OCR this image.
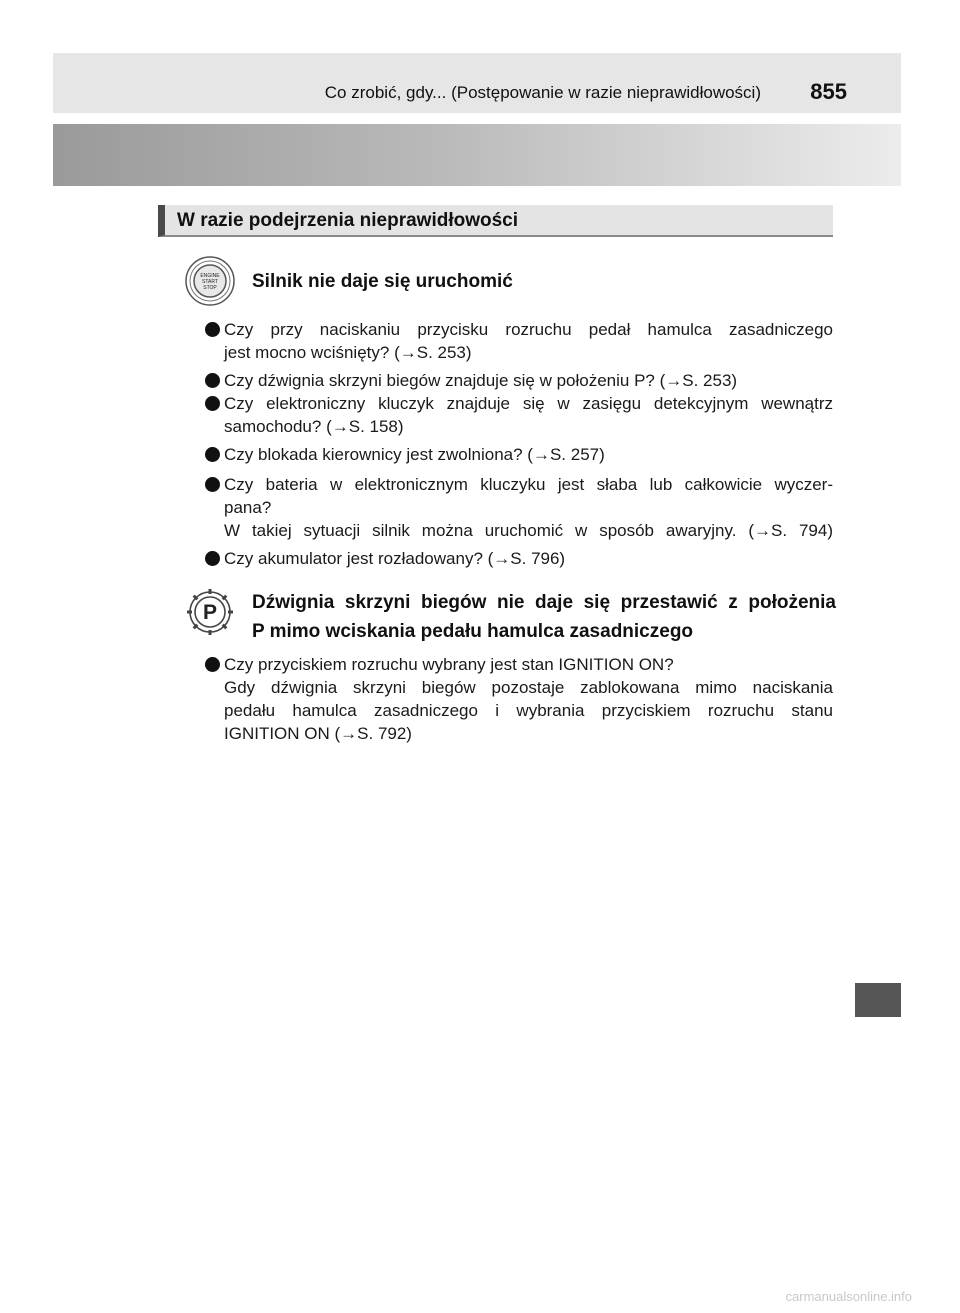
Co zrobić, gdy... (Postępowanie w razie nieprawidłowości) 855
W razie podejrzenia nieprawidłowości
ENGINE
START
STOP Silnik nie daje się uruchomić
Czy przy naciskaniu przycisku rozruchu pedał hamulca zasadniczego
jest mocno wciśnięty? (→S. 253)
Czy dźwignia skrzyni biegów znajduje się w położeniu P? (→S. 253)
Czy elektroniczny kluczyk znajduje się w zasięgu detekcyjnym wewnątrz
samochodu? (→S. 158)
Czy blokada kierownicy jest zwolniona? (→S. 257)
Czy bateria w elektronicznym kluczyku jest słaba lub całkowicie wyczer-
pana?
W takiej sytuacji silnik można uruchomić w sposób awaryjny. (→S. 794)
Czy akumulator jest rozładowany? (→S. 796)
P Dźwignia skrzyni biegów nie daje się przestawić z położenia
P mimo wciskania pedału hamulca zasadniczego
Czy przyciskiem rozruchu wybrany jest stan IGNITION ON?
Gdy dźwignia skrzyni biegów pozostaje zablokowana mimo naciskania
pedału hamulca zasadniczego i wybrania przyciskiem rozruchu stanu
IGNITION ON (→S. 792)
carmanualsonline.info
